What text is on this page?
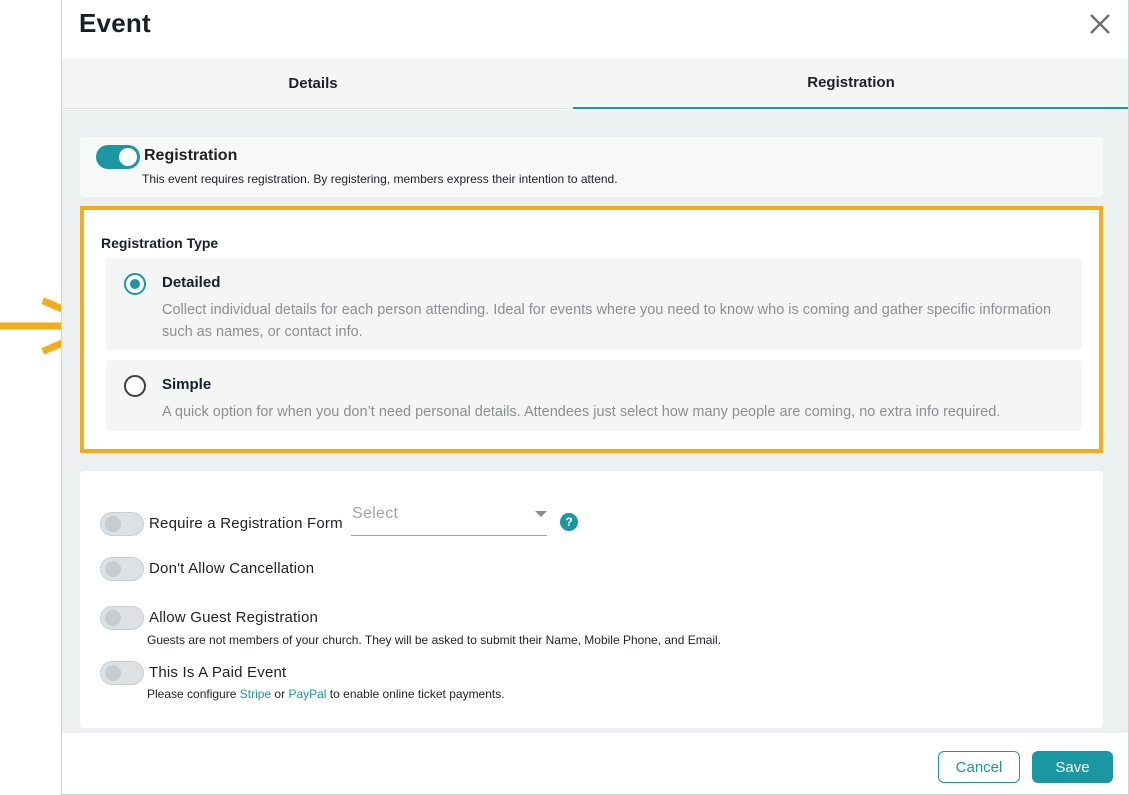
Event
Details	Registration
Registration
This event requires registration. By registering, members express their intention to attend.
Registration Type
Detailed
Collect individual details for each person attending. Ideal for events where you need to know who is coming and gather specific information such as names, or contact info.
Simple
A quick option for when you don’t need personal details. Attendees just select how many people are coming, no extra info required.
Require a Registration Form
Select	?
Don't Allow Cancellation
Allow Guest Registration
Guests are not members of your church. They will be asked to submit their Name, Mobile Phone, and Email.
This Is A Paid Event
Please configure Stripe or PayPal to enable online ticket payments.
Cancel	Save
